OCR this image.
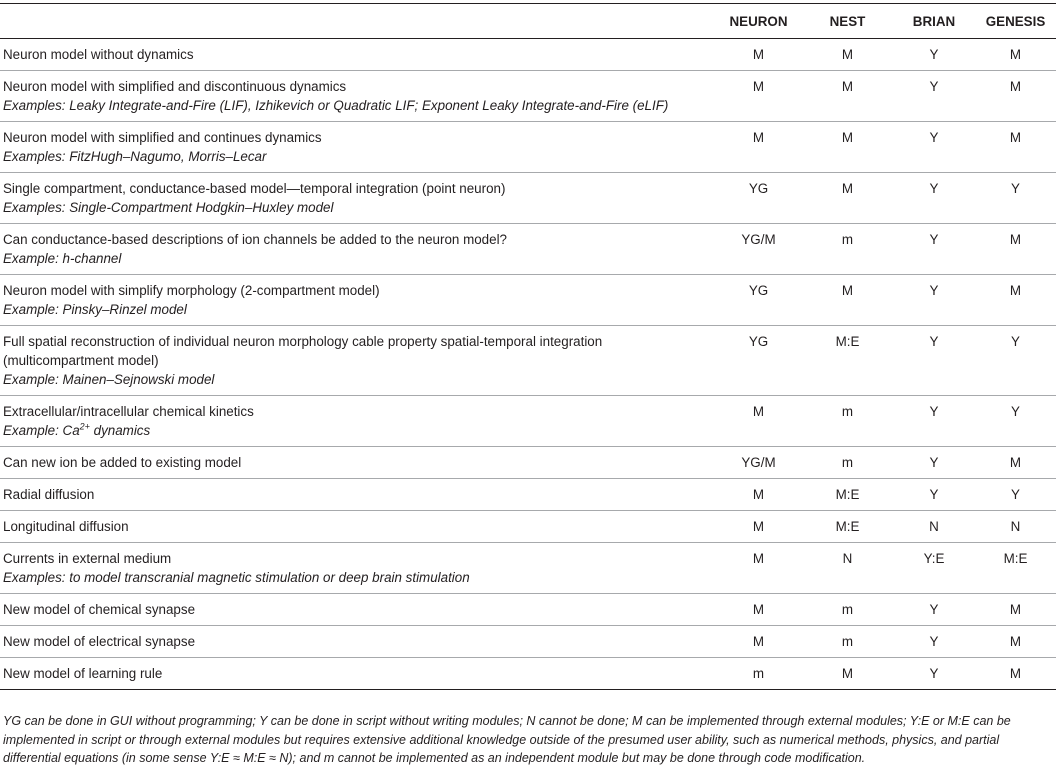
	NEURON	NEST	BRIAN	GENESIS

Neuron model without dynamics	M	M	Y	M

Neuron model with simplified and discontinuous dynamics
Examples: Leaky Integrate-and-Fire (LIF), Izhikevich or Quadratic LIF; Exponent Leaky Integrate-and-Fire (eLIF)	M	M	Y	M

Neuron model with simplified and continues dynamics
Examples: FitzHugh–Nagumo, Morris–Lecar	M	M	Y	M

Single compartment, conductance-based model—temporal integration (point neuron)
Examples: Single-Compartment Hodgkin–Huxley model	YG	M	Y	Y

Can conductance-based descriptions of ion channels be added to the neuron model?
Example: h-channel	YG/M	m	Y	M

Neuron model with simplify morphology (2-compartment model)
Example: Pinsky–Rinzel model	YG	M	Y	M

Full spatial reconstruction of individual neuron morphology cable property spatial-temporal integration (multicompartment model)
Example: Mainen–Sejnowski model	YG	M:E	Y	Y

Extracellular/intracellular chemical kinetics
Example: $Ca^{2+}$ dynamics	M	m	Y	Y

Can new ion be added to existing model	YG/M	m	Y	M

Radial diffusion	M	M:E	Y	Y

Longitudinal diffusion	M	M:E	N	N

Currents in external medium
Examples: to model transcranial magnetic stimulation or deep brain stimulation	M	N	Y:E	M:E

New model of chemical synapse	M	m	Y	M

New model of electrical synapse	M	m	Y	M

New model of learning rule	m	M	Y	M
YG can be done in GUI without programming; Y can be done in script without writing modules; N cannot be done; M can be implemented through external modules; Y:E or M:E can be implemented in script or through external modules but requires extensive additional knowledge outside of the presumed user ability, such as numerical methods, physics, and partial differential equations (in some sense Y:E ≈ M:E ≈ N); and m cannot be implemented as an independent module but may be done through code modification.
